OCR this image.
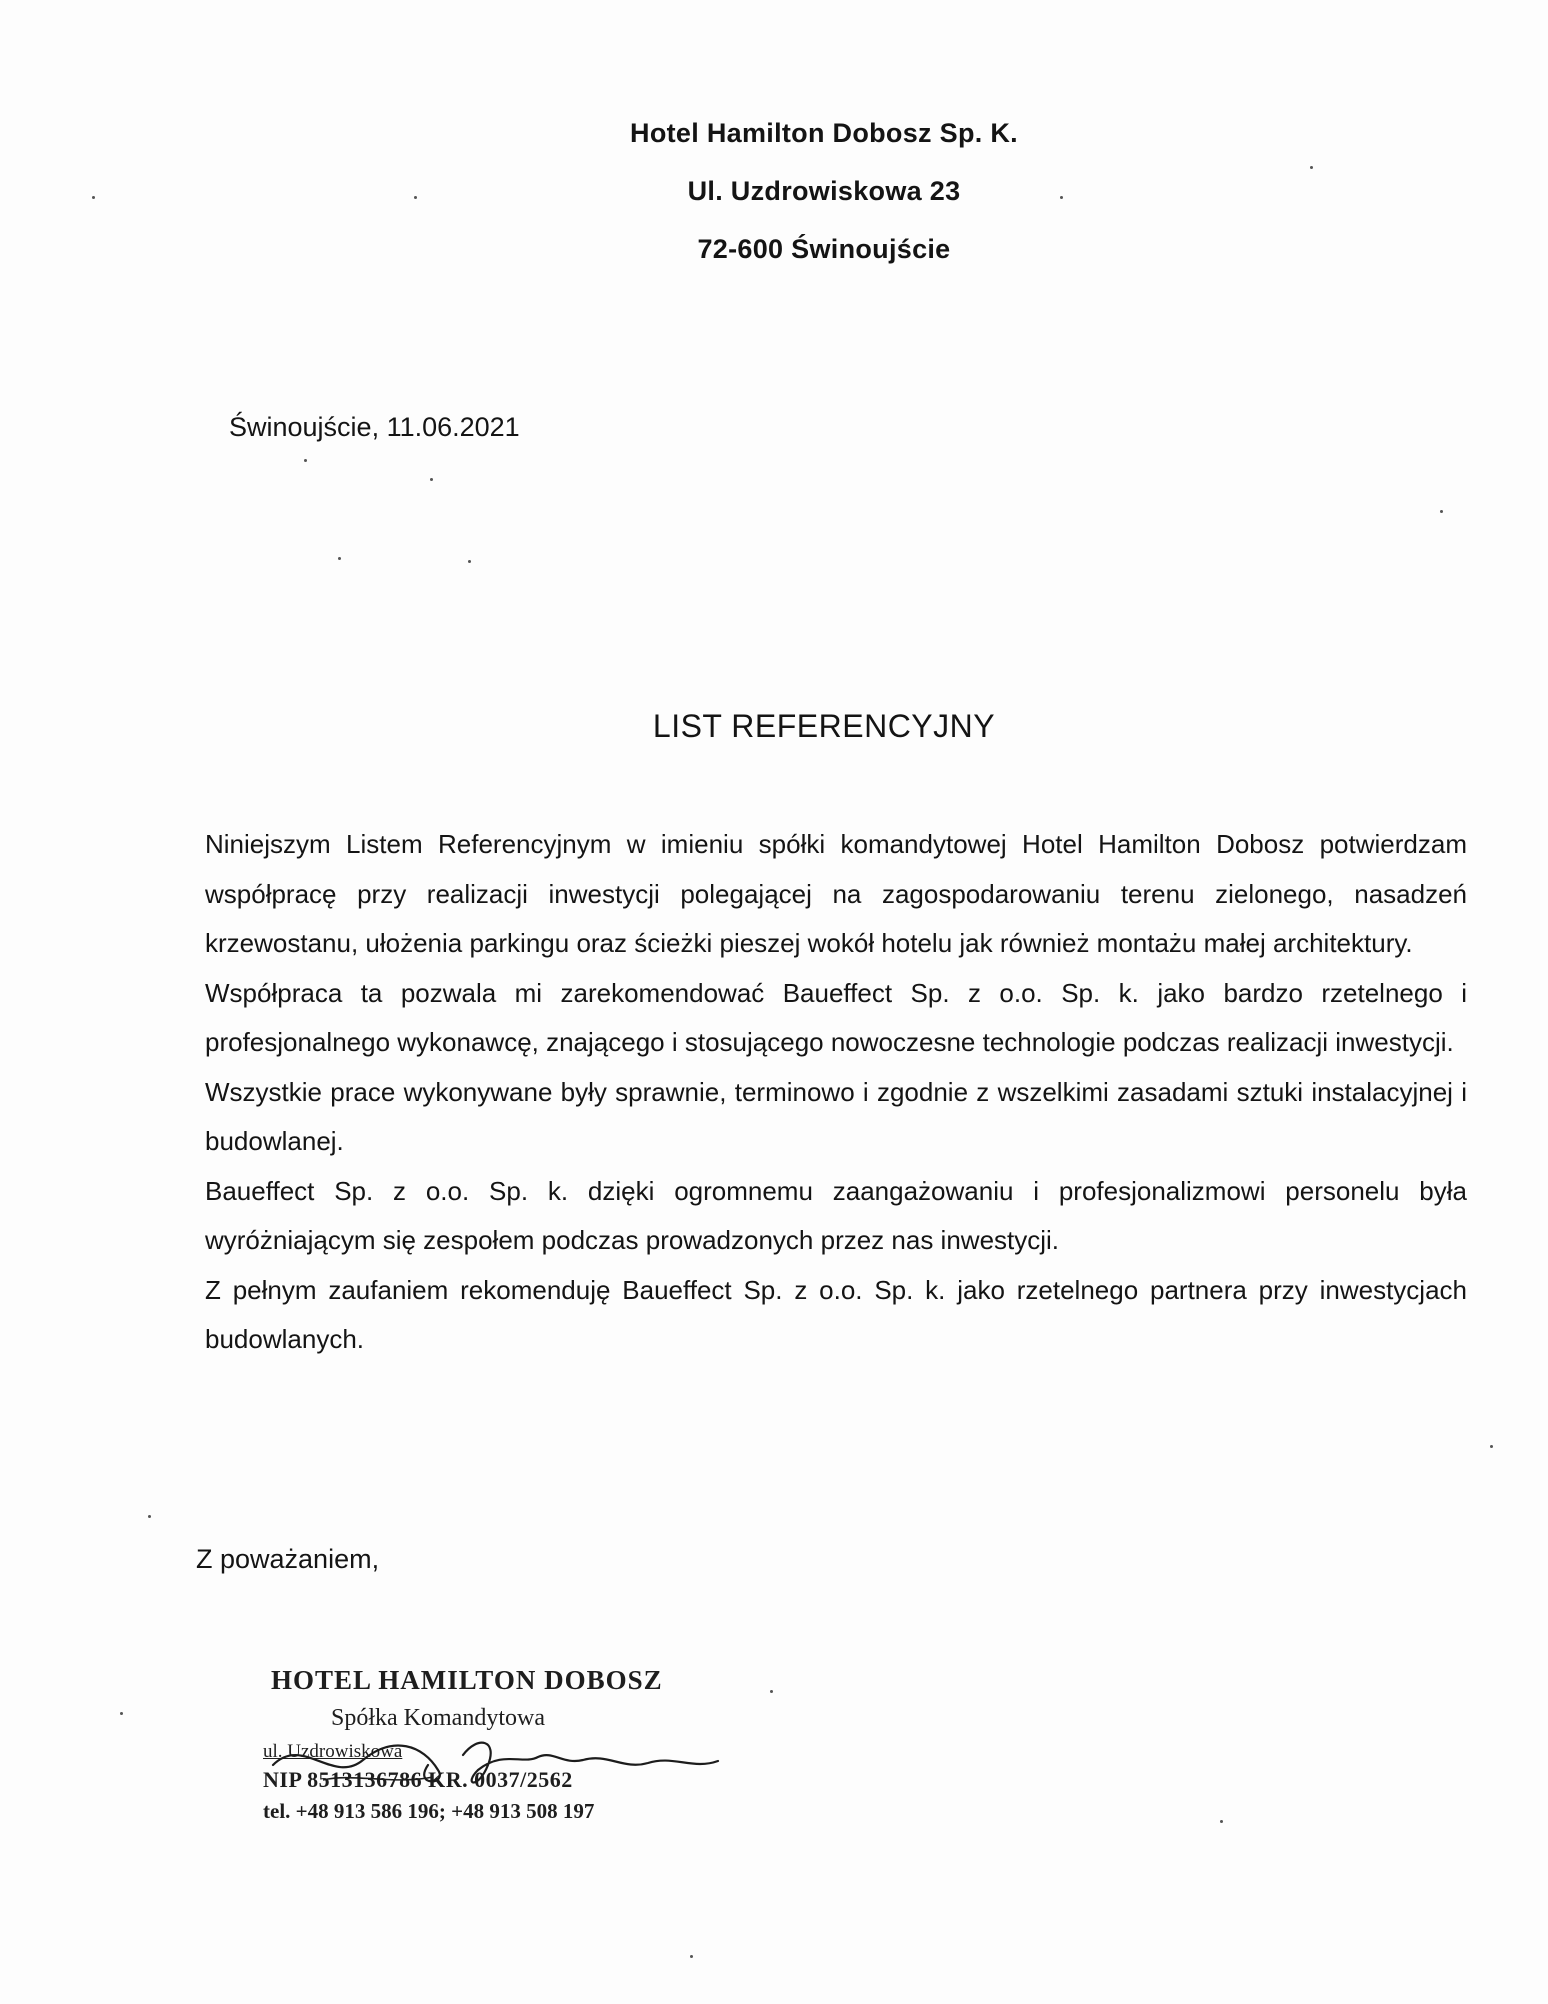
Hotel Hamilton Dobosz Sp. K.
Ul. Uzdrowiskowa 23
72-600 Świnoujście
Świnoujście, 11.06.2021
LIST REFERENCYJNY

Niniejszym Listem Referencyjnym w imieniu spółki komandytowej Hotel Hamilton Dobosz potwierdzam współpracę przy realizacji inwestycji polegającej na zagospodarowaniu terenu zielonego, nasadzeń krzewostanu, ułożenia parkingu oraz ścieżki pieszej wokół hotelu jak również montażu małej architektury.

Współpraca ta pozwala mi zarekomendować Baueffect Sp. z o.o. Sp. k. jako bardzo rzetelnego i profesjonalnego wykonawcę, znającego i stosującego nowoczesne technologie podczas realizacji inwestycji.

Wszystkie prace wykonywane były sprawnie, terminowo i zgodnie z wszelkimi zasadami sztuki instalacyjnej i budowlanej.

Baueffect Sp. z o.o. Sp. k. dzięki ogromnemu zaangażowaniu i profesjonalizmowi personelu była wyróżniającym się zespołem podczas prowadzonych przez nas inwestycji.

Z pełnym zaufaniem rekomenduję Baueffect Sp. z o.o. Sp. k. jako rzetelnego partnera przy inwestycjach budowlanych.

Z poważaniem,
HOTEL HAMILTON DOBOSZ
Spółka Komandytowa
ul. Uzdrowiskowa
NIP 8513136786 KR. 0037/2562
tel. +48 913 586 196; +48 913 508 197
